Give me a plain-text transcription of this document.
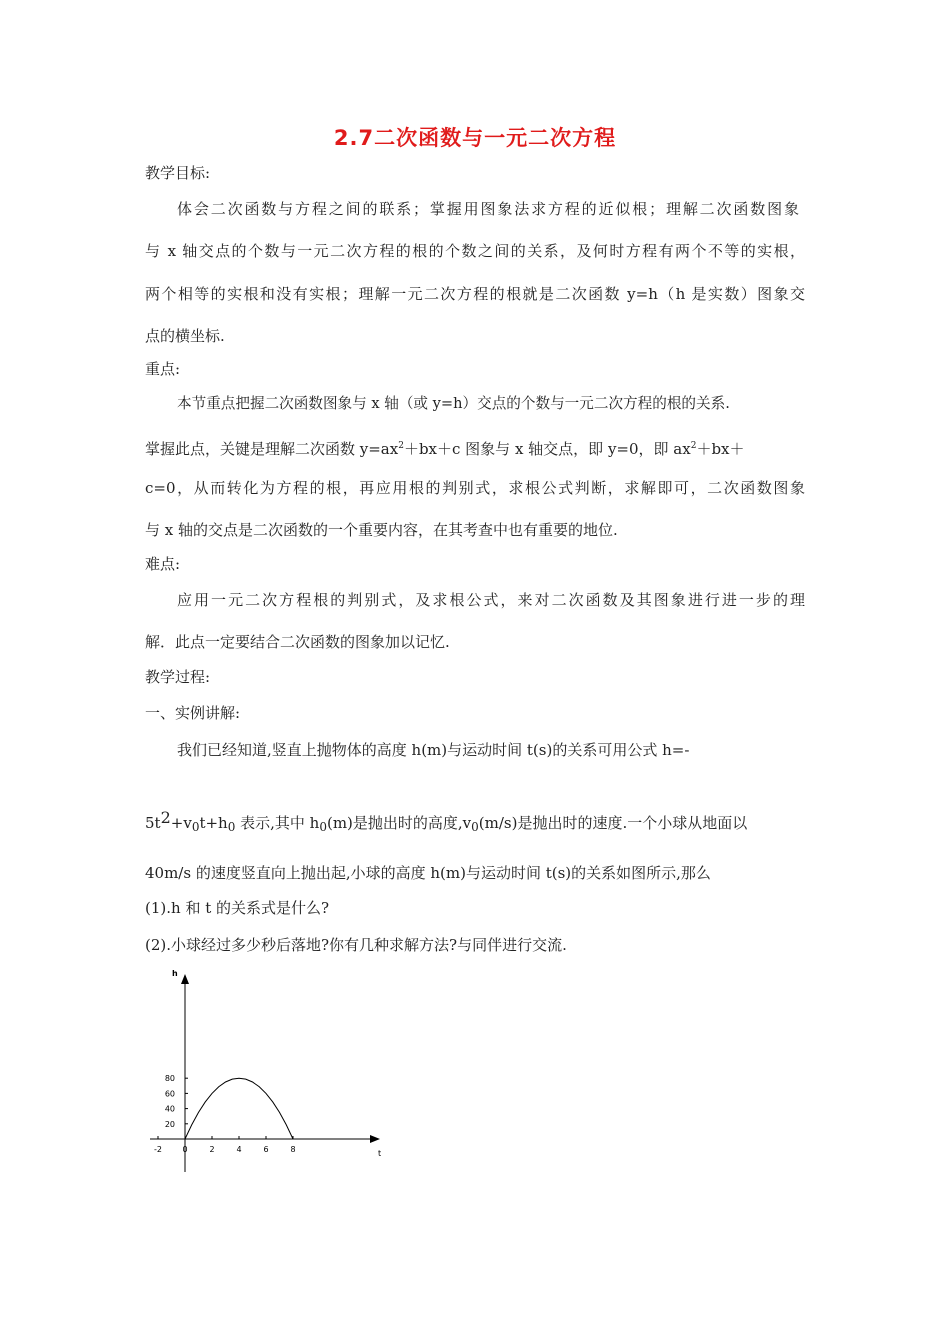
2.7二次函数与一元二次方程
教学目标:
体会二次函数与方程之间的联系；掌握用图象法求方程的近似根；理解二次函数图象
与 x 轴交点的个数与一元二次方程的根的个数之间的关系，及何时方程有两个不等的实根，
两个相等的实根和没有实根；理解一元二次方程的根就是二次函数 y=h（h 是实数）图象交
点的横坐标.
重点:
本节重点把握二次函数图象与 x 轴（或 y=h）交点的个数与一元二次方程的根的关系.
掌握此点，关键是理解二次函数 $y=ax^2+bx+c$ 图象与 x 轴交点，即 y=0，即 $ax^2+bx+$
c=0，从而转化为方程的根，再应用根的判别式，求根公式判断，求解即可，二次函数图象
与 x 轴的交点是二次函数的一个重要内容，在其考查中也有重要的地位.
难点:
应用一元二次方程根的判别式，及求根公式，来对二次函数及其图象进行进一步的理
解．此点一定要结合二次函数的图象加以记忆.
教学过程:
一、实例讲解:
我们已经知道,竖直上抛物体的高度 h(m)与运动时间 t(s)的关系可用公式 h=-
$5t^2+v_0t+h_0$ 表示,其中 $h_0(m)$是抛出时的高度$,v_0(m/s)$是抛出时的速度.一个小球从地面以
40m/s 的速度竖直向上抛出起,小球的高度 h(m)与运动时间 t(s)的关系如图所示,那么
(1).h 和 t 的关系式是什么?
(2).小球经过多少秒后落地?你有几种求解方法?与同伴进行交流.
t
h
-2	0	2	4	6	8
20
40
60
80
